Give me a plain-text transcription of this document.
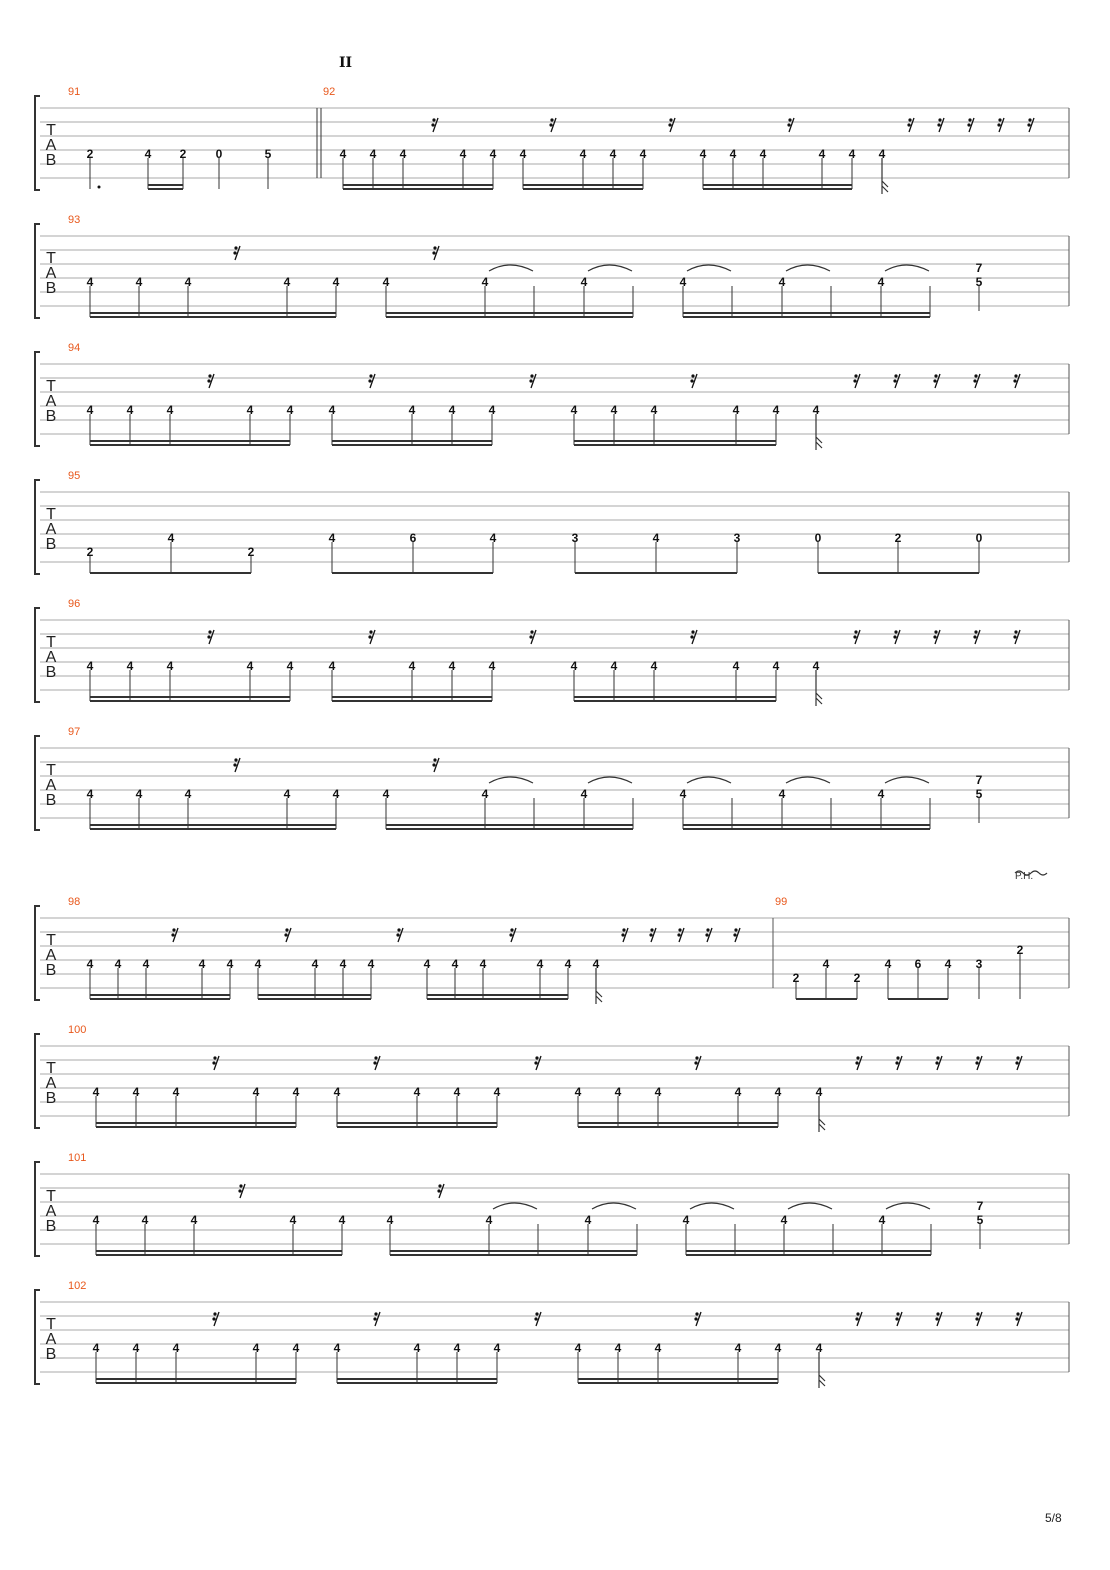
II
P.H.
5/8
T
A
B
91
2	4 2 0	5
92
4 4 4	4 4 4	4 4 4	4 4 4	4 4 4
T
A
B
93
4	4	4	4	4	4	4	4	4	4	4
7
5
T
A
B
94
4	4	4	4	4	4	4	4	4	4	4	4	4	4	4
T
A
B
95
2
4
2
4	6	4	3	4	3	0	2	0
T
A
B
96
4	4	4	4	4	4	4	4	4	4	4	4	4	4	4
T
A
B
97
4	4	4	4	4	4	4	4	4	4	4
7
5
T
A
B
98
4 4 4	4 4 4	4 4 4	4 4 4	4 4 4
99
2
4
2
4 6 4 3
2
T
A
B
100
4	4	4	4	4	4	4	4	4	4	4	4	4	4	4
T
A
B
101
4	4	4	4	4	4	4	4	4	4	4
7
5
T
A
B
102
4	4	4	4	4	4	4	4	4	4	4	4	4	4	4
